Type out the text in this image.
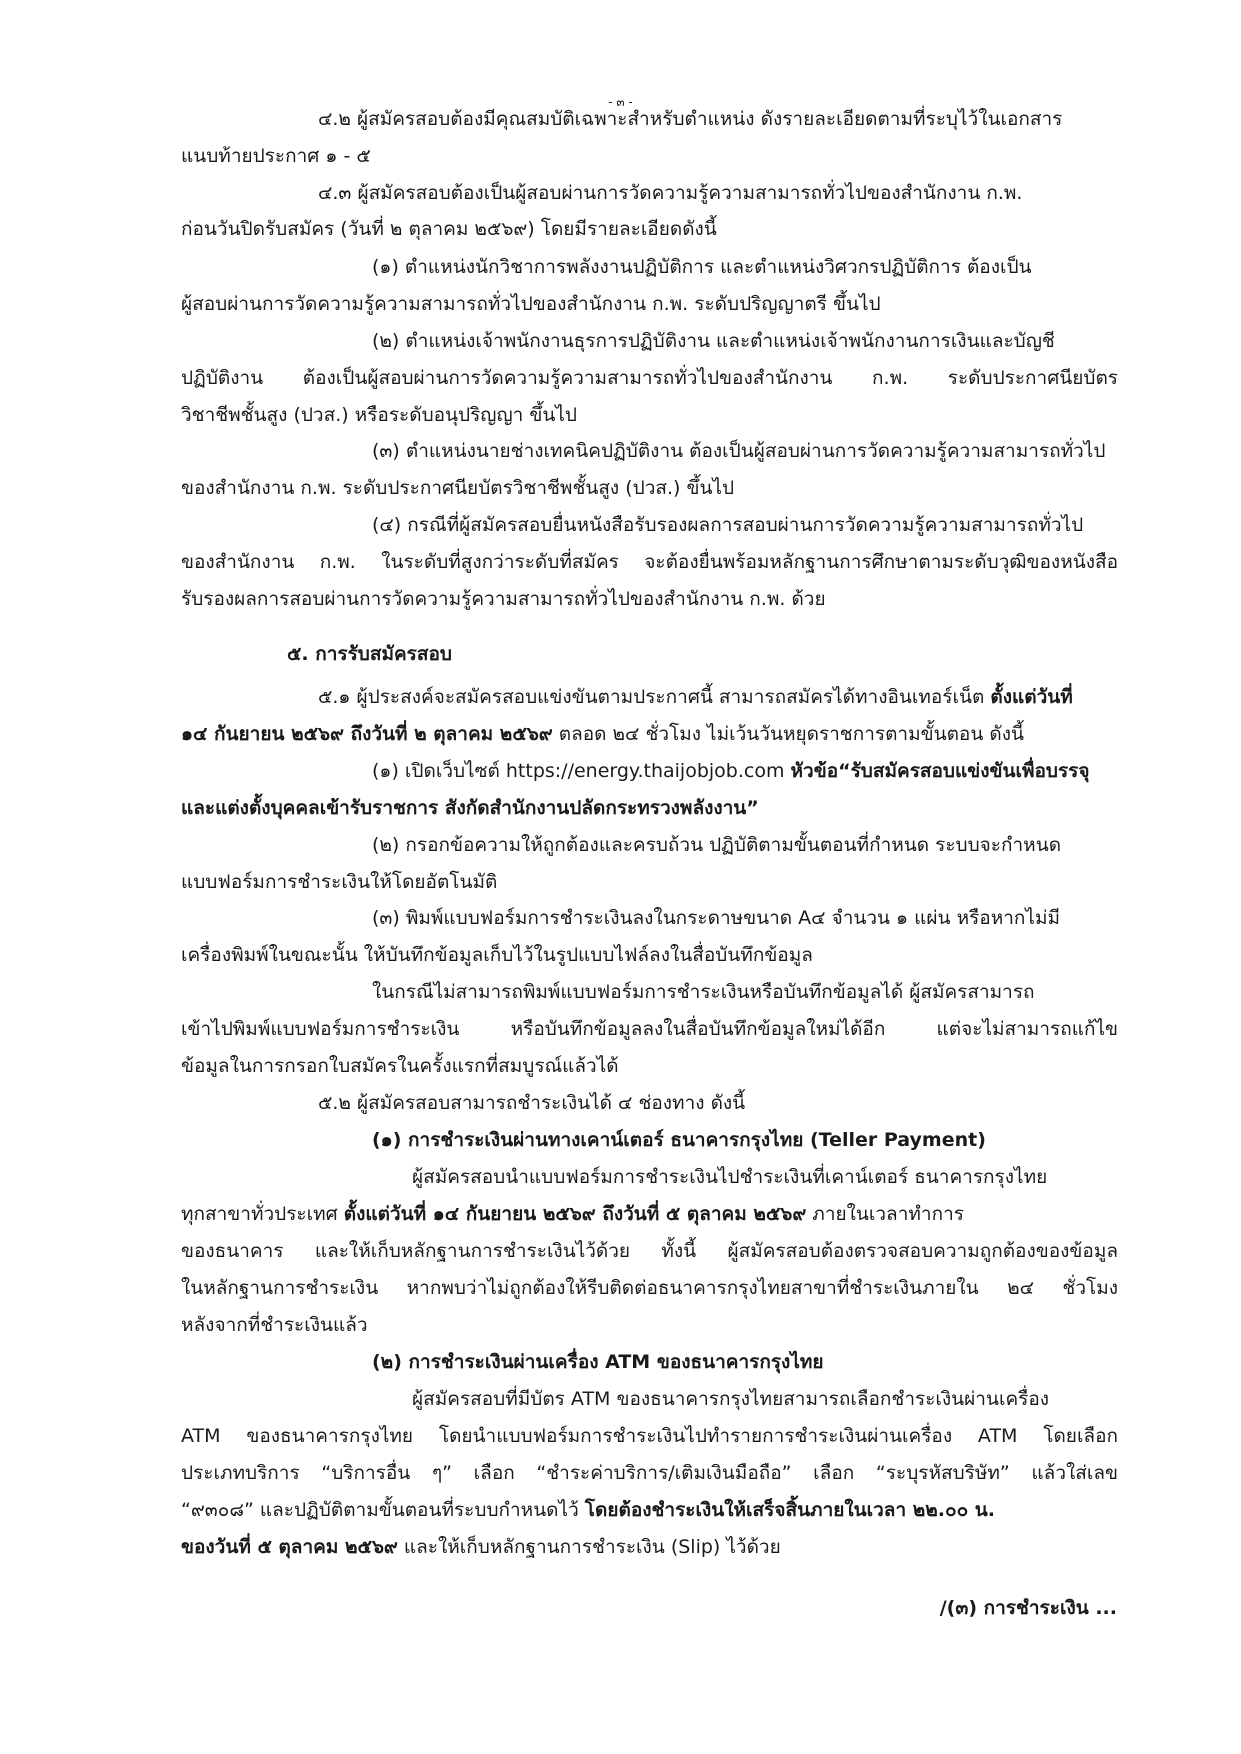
- ๓ -
๔.๒ ผู้สมัครสอบต้องมีคุณสมบัติเฉพาะสำหรับตำแหน่ง ดังรายละเอียดตามที่ระบุไว้ในเอกสาร
แนบท้ายประกาศ ๑ - ๕
๔.๓ ผู้สมัครสอบต้องเป็นผู้สอบผ่านการวัดความรู้ความสามารถทั่วไปของสำนักงาน ก.พ.
ก่อนวันปิดรับสมัคร (วันที่ ๒ ตุลาคม ๒๕๖๙) โดยมีรายละเอียดดังนี้
(๑) ตำแหน่งนักวิชาการพลังงานปฏิบัติการ และตำแหน่งวิศวกรปฏิบัติการ ต้องเป็น
ผู้สอบผ่านการวัดความรู้ความสามารถทั่วไปของสำนักงาน ก.พ. ระดับปริญญาตรี ขึ้นไป
(๒) ตำแหน่งเจ้าพนักงานธุรการปฏิบัติงาน และตำแหน่งเจ้าพนักงานการเงินและบัญชี
ปฏิบัติงาน ต้องเป็นผู้สอบผ่านการวัดความรู้ความสามารถทั่วไปของสำนักงาน ก.พ. ระดับประกาศนียบัตร
วิชาชีพชั้นสูง (ปวส.) หรือระดับอนุปริญญา ขึ้นไป
(๓) ตำแหน่งนายช่างเทคนิคปฏิบัติงาน ต้องเป็นผู้สอบผ่านการวัดความรู้ความสามารถทั่วไป
ของสำนักงาน ก.พ. ระดับประกาศนียบัตรวิชาชีพชั้นสูง (ปวส.) ขึ้นไป
(๔) กรณีที่ผู้สมัครสอบยื่นหนังสือรับรองผลการสอบผ่านการวัดความรู้ความสามารถทั่วไป
ของสำนักงาน ก.พ. ในระดับที่สูงกว่าระดับที่สมัคร จะต้องยื่นพร้อมหลักฐานการศึกษาตามระดับวุฒิของหนังสือ
รับรองผลการสอบผ่านการวัดความรู้ความสามารถทั่วไปของสำนักงาน ก.พ. ด้วย
๕. การรับสมัครสอบ
๕.๑ ผู้ประสงค์จะสมัครสอบแข่งขันตามประกาศนี้ สามารถสมัครได้ทางอินเทอร์เน็ต ตั้งแต่วันที่
๑๔ กันยายน ๒๕๖๙ ถึงวันที่ ๒ ตุลาคม ๒๕๖๙ ตลอด ๒๔ ชั่วโมง ไม่เว้นวันหยุดราชการตามขั้นตอน ดังนี้
(๑) เปิดเว็บไซต์ https://energy.thaijobjob.com หัวข้อ“รับสมัครสอบแข่งขันเพื่อบรรจุ
และแต่งตั้งบุคคลเข้ารับราชการ สังกัดสำนักงานปลัดกระทรวงพลังงาน”
(๒) กรอกข้อความให้ถูกต้องและครบถ้วน ปฏิบัติตามขั้นตอนที่กำหนด ระบบจะกำหนด
แบบฟอร์มการชำระเงินให้โดยอัตโนมัติ
(๓) พิมพ์แบบฟอร์มการชำระเงินลงในกระดาษขนาด A๔ จำนวน ๑ แผ่น หรือหากไม่มี
เครื่องพิมพ์ในขณะนั้น ให้บันทึกข้อมูลเก็บไว้ในรูปแบบไฟล์ลงในสื่อบันทึกข้อมูล
ในกรณีไม่สามารถพิมพ์แบบฟอร์มการชำระเงินหรือบันทึกข้อมูลได้ ผู้สมัครสามารถ
เข้าไปพิมพ์แบบฟอร์มการชำระเงิน หรือบันทึกข้อมูลลงในสื่อบันทึกข้อมูลใหม่ได้อีก แต่จะไม่สามารถแก้ไข
ข้อมูลในการกรอกใบสมัครในครั้งแรกที่สมบูรณ์แล้วได้
๕.๒ ผู้สมัครสอบสามารถชำระเงินได้ ๔ ช่องทาง ดังนี้
(๑) การชำระเงินผ่านทางเคาน์เตอร์ ธนาคารกรุงไทย (Teller Payment)
ผู้สมัครสอบนำแบบฟอร์มการชำระเงินไปชำระเงินที่เคาน์เตอร์ ธนาคารกรุงไทย
ทุกสาขาทั่วประเทศ ตั้งแต่วันที่ ๑๔ กันยายน ๒๕๖๙ ถึงวันที่ ๕ ตุลาคม ๒๕๖๙ ภายในเวลาทำการ
ของธนาคาร และให้เก็บหลักฐานการชำระเงินไว้ด้วย ทั้งนี้ ผู้สมัครสอบต้องตรวจสอบความถูกต้องของข้อมูล
ในหลักฐานการชำระเงิน หากพบว่าไม่ถูกต้องให้รีบติดต่อธนาคารกรุงไทยสาขาที่ชำระเงินภายใน ๒๔ ชั่วโมง
หลังจากที่ชำระเงินแล้ว
(๒) การชำระเงินผ่านเครื่อง ATM ของธนาคารกรุงไทย
ผู้สมัครสอบที่มีบัตร ATM ของธนาคารกรุงไทยสามารถเลือกชำระเงินผ่านเครื่อง
ATM ของธนาคารกรุงไทย โดยนำแบบฟอร์มการชำระเงินไปทำรายการชำระเงินผ่านเครื่อง ATM โดยเลือก
ประเภทบริการ “บริการอื่น ๆ” เลือก “ชำระค่าบริการ/เติมเงินมือถือ” เลือก “ระบุรหัสบริษัท” แล้วใส่เลข
“๙๓๐๘” และปฏิบัติตามขั้นตอนที่ระบบกำหนดไว้ โดยต้องชำระเงินให้เสร็จสิ้นภายในเวลา ๒๒.๐๐ น.
ของวันที่ ๕ ตุลาคม ๒๕๖๙ และให้เก็บหลักฐานการชำระเงิน (Slip) ไว้ด้วย
/(๓) การชำระเงิน ...
